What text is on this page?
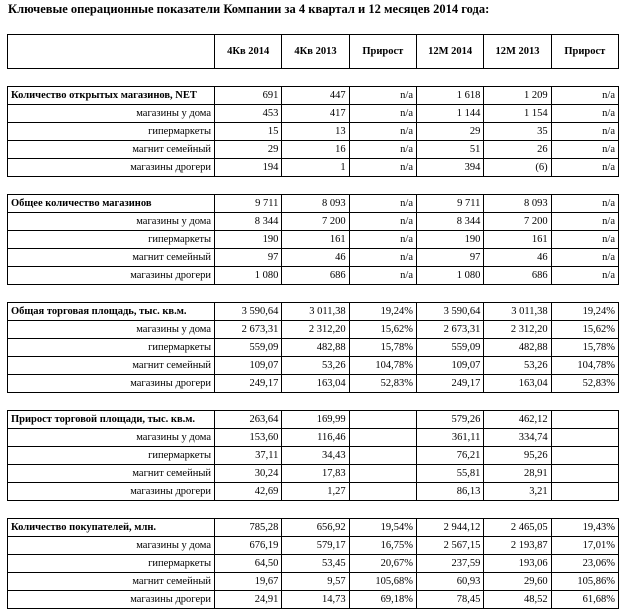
Ключевые операционные показатели Компании за 4 квартал и 12 месяцев 2014 года:
	4Кв 2014	4Кв 2013	Прирост	12М 2014	12М 2013	Прирост

Количество открытых магазинов, NET	691	447	n/a	1 618	1 209	n/a
магазины у дома	453	417	n/a	1 144	1 154	n/a
гипермаркеты	15	13	n/a	29	35	n/a
магнит семейный	29	16	n/a	51	26	n/a
магазины дрогери	194	1	n/a	394	(6)	n/a

Общее количество магазинов	9 711	8 093	n/a	9 711	8 093	n/a
магазины у дома	8 344	7 200	n/a	8 344	7 200	n/a
гипермаркеты	190	161	n/a	190	161	n/a
магнит семейный	97	46	n/a	97	46	n/a
магазины дрогери	1 080	686	n/a	1 080	686	n/a

Общая торговая площадь, тыс. кв.м.	3 590,64	3 011,38	19,24%	3 590,64	3 011,38	19,24%
магазины у дома	2 673,31	2 312,20	15,62%	2 673,31	2 312,20	15,62%
гипермаркеты	559,09	482,88	15,78%	559,09	482,88	15,78%
магнит семейный	109,07	53,26	104,78%	109,07	53,26	104,78%
магазины дрогери	249,17	163,04	52,83%	249,17	163,04	52,83%

Прирост торговой площади, тыс. кв.м.	263,64	169,99		579,26	462,12	
магазины у дома	153,60	116,46		361,11	334,74	
гипермаркеты	37,11	34,43		76,21	95,26	
магнит семейный	30,24	17,83		55,81	28,91	
магазины дрогери	42,69	1,27		86,13	3,21	

Количество покупателей, млн.	785,28	656,92	19,54%	2 944,12	2 465,05	19,43%
магазины у дома	676,19	579,17	16,75%	2 567,15	2 193,87	17,01%
гипермаркеты	64,50	53,45	20,67%	237,59	193,06	23,06%
магнит семейный	19,67	9,57	105,68%	60,93	29,60	105,86%
магазины дрогери	24,91	14,73	69,18%	78,45	48,52	61,68%
